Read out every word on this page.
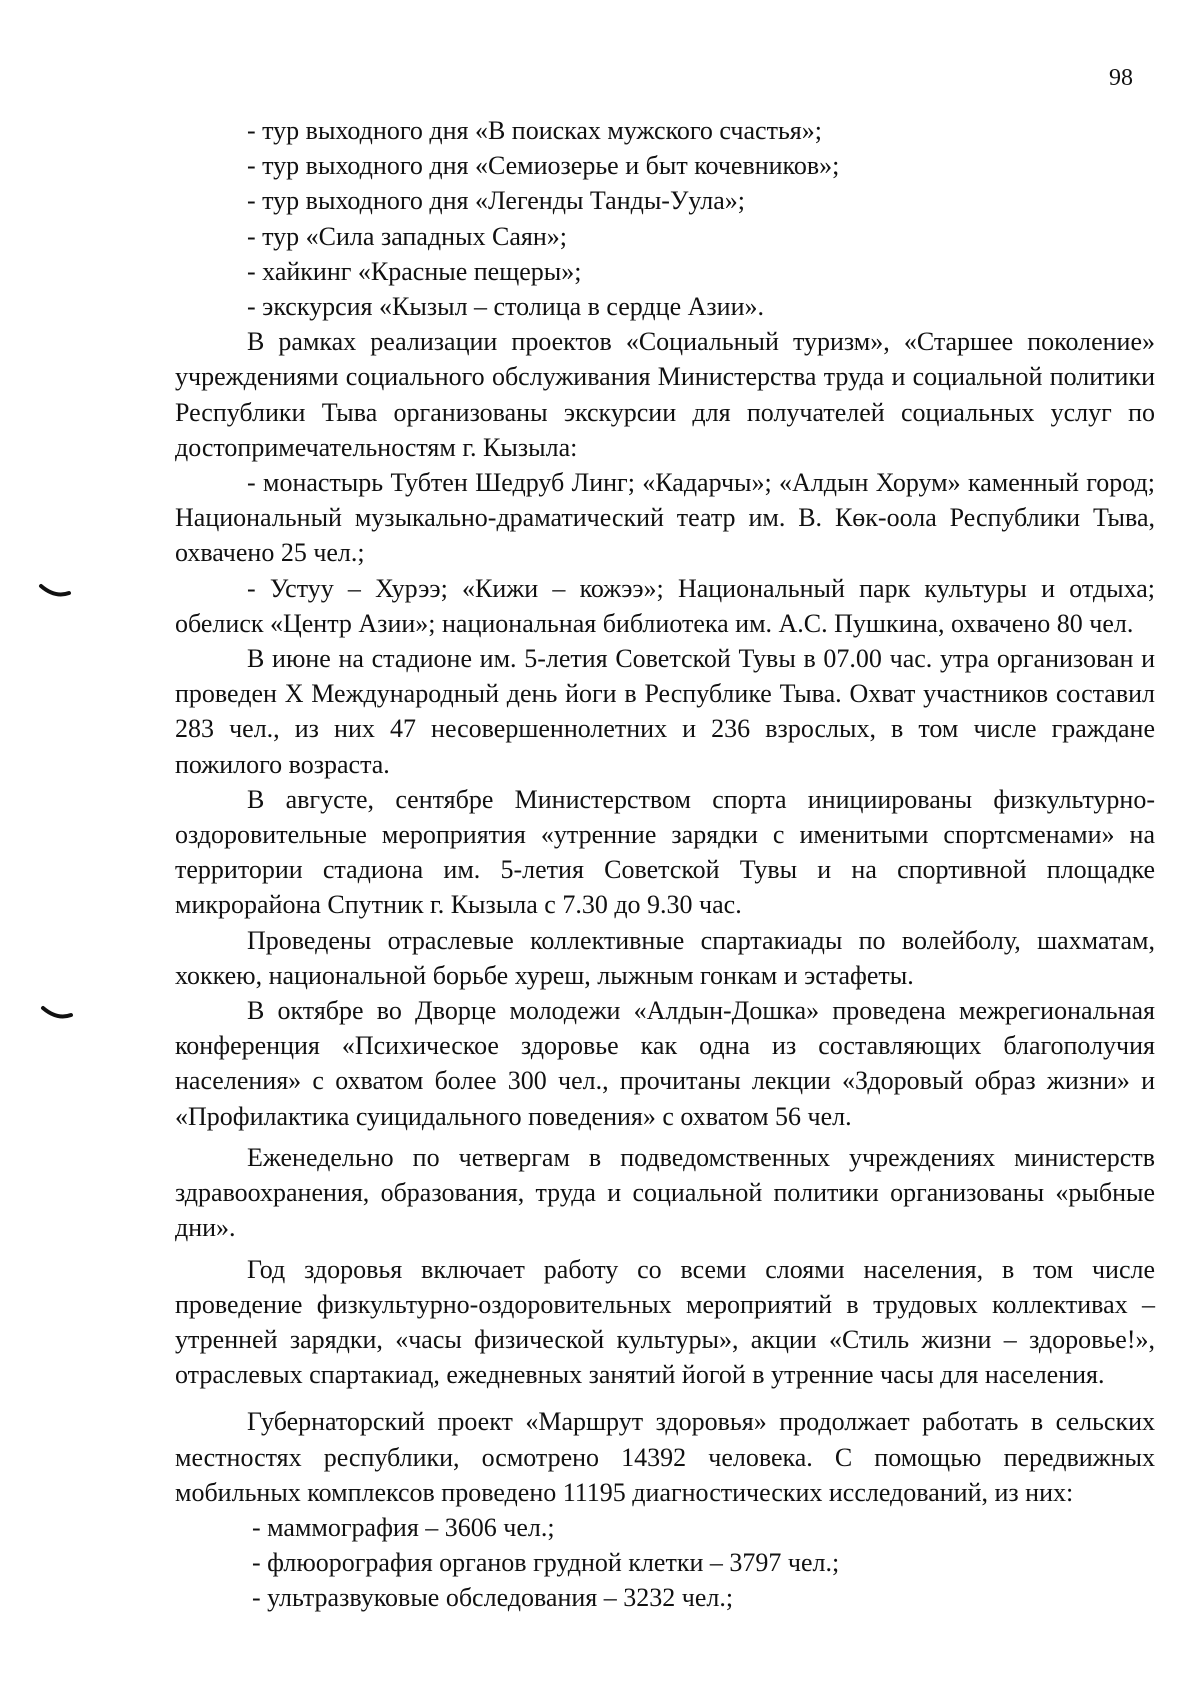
98

- тур выходного дня «В поисках мужского счастья»;

- тур выходного дня «Семиозерье и быт кочевников»;

- тур выходного дня «Легенды Танды-Уула»;

- тур «Сила западных Саян»;

- хайкинг «Красные пещеры»;

- экскурсия «Кызыл – столица в сердце Азии».

В рамках реализации проектов «Социальный туризм», «Старшее поколение» учреждениями социального обслуживания Министерства труда и социальной политики Республики Тыва организованы экскурсии для получателей социальных услуг по достопримечательностям г. Кызыла:

- монастырь Тубтен Шедруб Линг; «Кадарчы»; «Алдын Хорум» каменный город; Национальный музыкально-драматический театр им. В. Көк-оола Республики Тыва, охвачено 25 чел.;

- Устуу – Хурээ; «Кижи – кожээ»; Национальный парк культуры и отдыха; обелиск «Центр Азии»; национальная библиотека им. А.С. Пушкина, охвачено 80 чел.

В июне на стадионе им. 5-летия Советской Тувы в 07.00 час. утра организован и проведен X Международный день йоги в Республике Тыва. Охват участников составил 283 чел., из них 47 несовершеннолетних и 236 взрослых, в том числе граждане пожилого возраста.

В августе, сентябре Министерством спорта инициированы физкультурно-оздоровительные мероприятия «утренние зарядки с именитыми спортсменами» на территории стадиона им. 5-летия Советской Тувы и на спортивной площадке микрорайона Спутник г. Кызыла с 7.30 до 9.30 час.

Проведены отраслевые коллективные спартакиады по волейболу, шахматам, хоккею, национальной борьбе хуреш, лыжным гонкам и эстафеты.

В октябре во Дворце молодежи «Алдын-Дошка» проведена межрегиональная конференция «Психическое здоровье как одна из составляющих благополучия населения» с охватом более 300 чел., прочитаны лекции «Здоровый образ жизни» и «Профилактика суицидального поведения» с охватом 56 чел.

Еженедельно по четвергам в подведомственных учреждениях министерств здравоохранения, образования, труда и социальной политики организованы «рыбные дни».

Год здоровья включает работу со всеми слоями населения, в том числе проведение физкультурно-оздоровительных мероприятий в трудовых коллективах – утренней зарядки, «часы физической культуры», акции «Стиль жизни – здоровье!», отраслевых спартакиад, ежедневных занятий йогой в утренние часы для населения.

Губернаторский проект «Маршрут здоровья» продолжает работать в сельских местностях республики, осмотрено 14392 человека. С помощью передвижных мобильных комплексов проведено 11195 диагностических исследований, из них:

- маммография – 3606 чел.;

- флюорография органов грудной клетки – 3797 чел.;

- ультразвуковые обследования – 3232 чел.;
